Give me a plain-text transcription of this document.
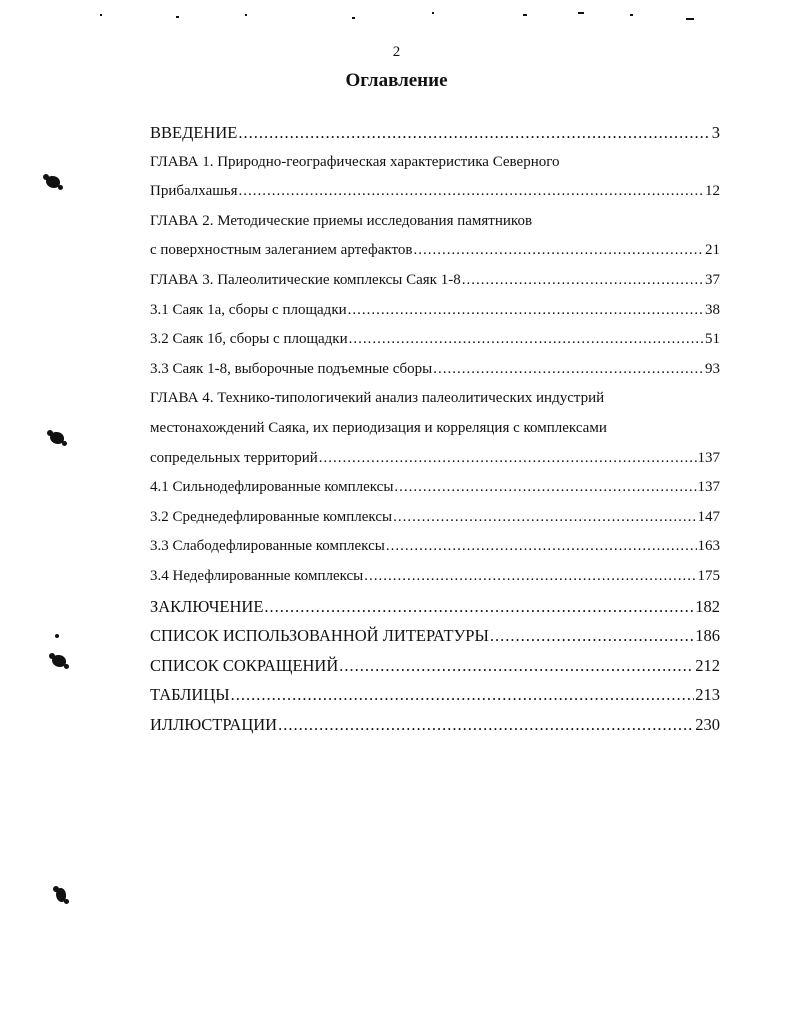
2
Оглавление
ВВЕДЕНИЕ .....	3
ГЛАВА 1. Природно-географическая характеристика Северного
Прибалхашья .....	12
ГЛАВА 2. Методические приемы исследования памятников
с поверхностным залеганием артефактов .....	21
ГЛАВА 3. Палеолитические комплексы Саяк 1-8 .....	37
3.1 Саяк 1а, сборы с площадки .....	38
3.2 Саяк 1б, сборы с площадки .....	51
3.3 Саяк 1-8, выборочные подъемные сборы .....	93
ГЛАВА 4. Технико-типологичекий анализ палеолитических индустрий
местонахождений Саяка, их периодизация и корреляция с комплексами
сопредельных территорий .....	137
4.1 Сильнодефлированные комплексы .....	137
3.2 Среднедефлированные комплексы .....	147
3.3 Слабодефлированные комплексы .....	163
3.4 Недефлированные комплексы .....	175
ЗАКЛЮЧЕНИЕ .....	182
СПИСОК ИСПОЛЬЗОВАННОЙ ЛИТЕРАТУРЫ .....	186
СПИСОК СОКРАЩЕНИЙ .....	212
ТАБЛИЦЫ .....	213
ИЛЛЮСТРАЦИИ .....	230
